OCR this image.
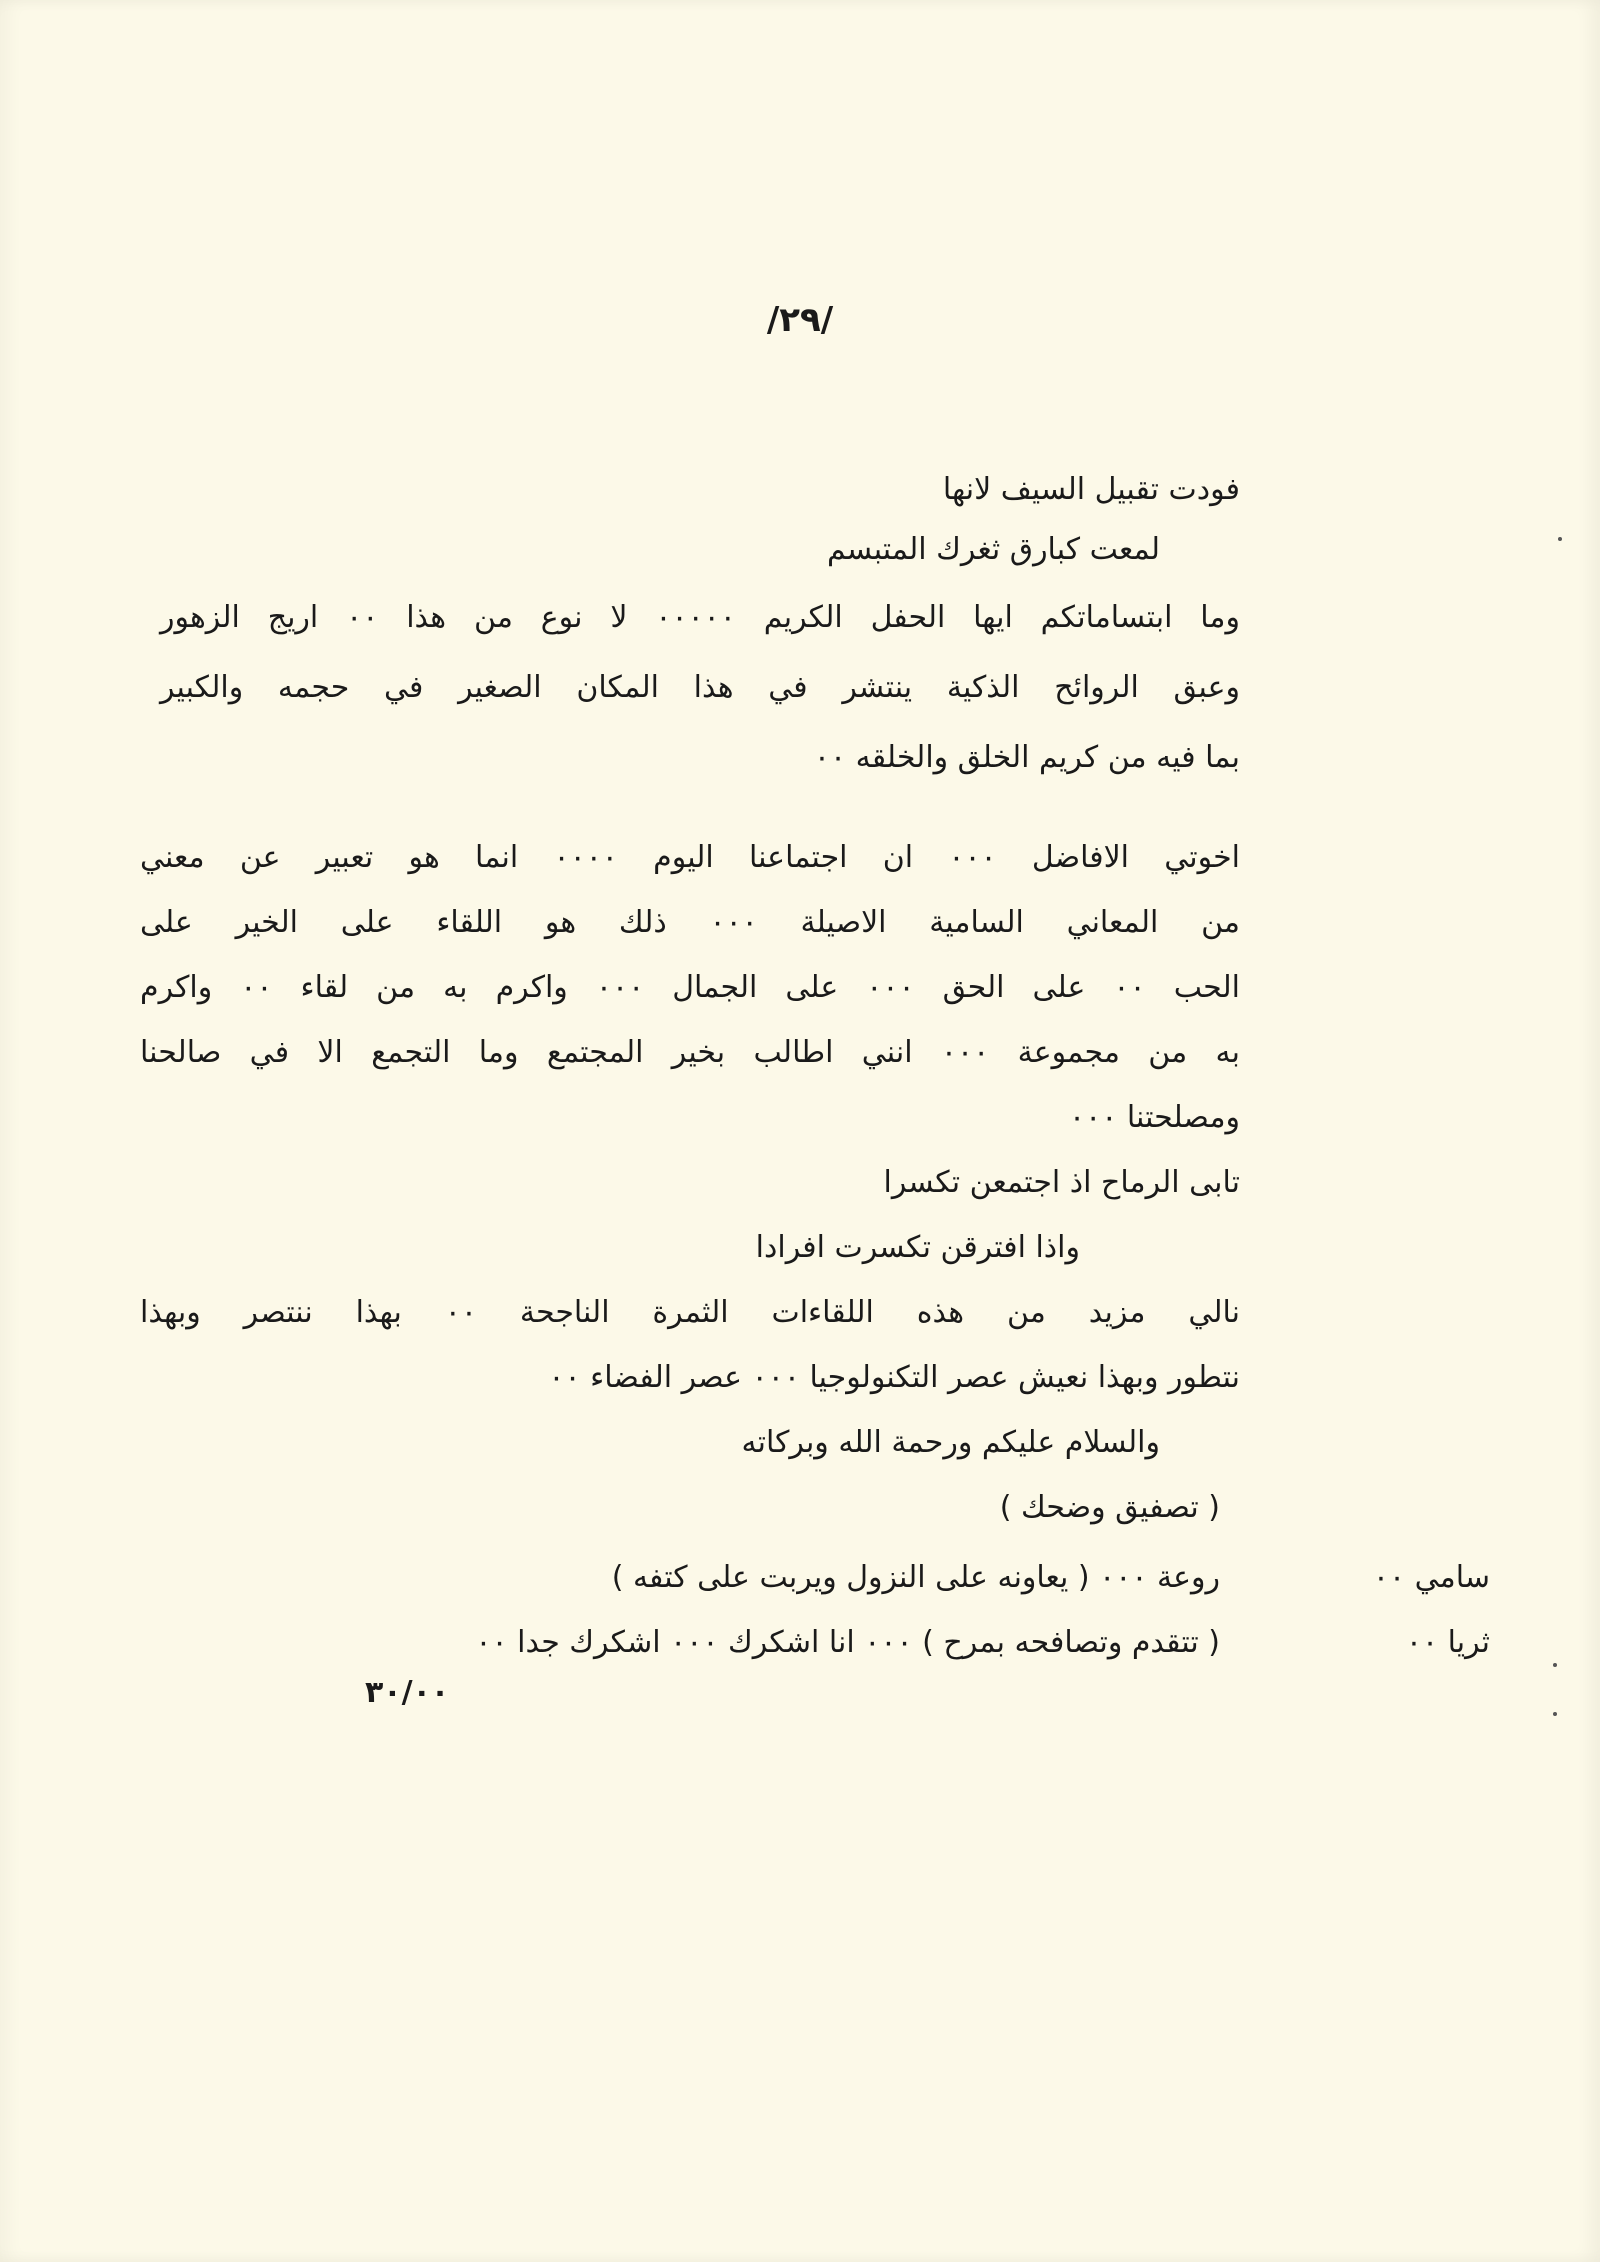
/٢٩/
فودت تقبيل السيف لانها
لمعت كبارق ثغرك المتبسم
وما ابتساماتكم ايها الحفل الكريم ٠٠٠٠٠ لا نوع من هذا ٠٠ اريج الزهور
وعبق الروائح الذكية ينتشر في هذا المكان الصغير في حجمه والكبير
بما فيه من كريم الخلق والخلقه ٠٠
اخوتي الافاضل ٠٠٠ ان اجتماعنا اليوم ٠٠٠٠ انما هو تعبير عن معني
من المعاني السامية الاصيلة ٠٠٠ ذلك هو اللقاء على الخير على
الحب ٠٠ على الحق ٠٠٠ على الجمال ٠٠٠ واكرم به من لقاء ٠٠ واكرم
به من مجموعة ٠٠٠ انني اطالب بخير المجتمع وما التجمع الا في صالحنا
ومصلحتنا ٠٠٠
تابى الرماح اذ اجتمعن تكسرا
واذا افترقن تكسرت افرادا
نالي مزيد من هذه اللقاءات الثمرة الناجحة ٠٠ بهذا ننتصر وبهذا
نتطور وبهذا نعيش عصر التكنولوجيا ٠٠٠ عصر الفضاء ٠٠
والسلام عليكم ورحمة الله وبركاته
( تصفيق وضحك )
سامي ٠٠
روعة ٠٠٠ ( يعاونه على النزول ويربت على كتفه )
ثريا ٠٠
( تتقدم وتصافحه بمرح ) ٠٠٠ انا اشكرك ٠٠٠ اشكرك جدا ٠٠
٣٠/٠٠
